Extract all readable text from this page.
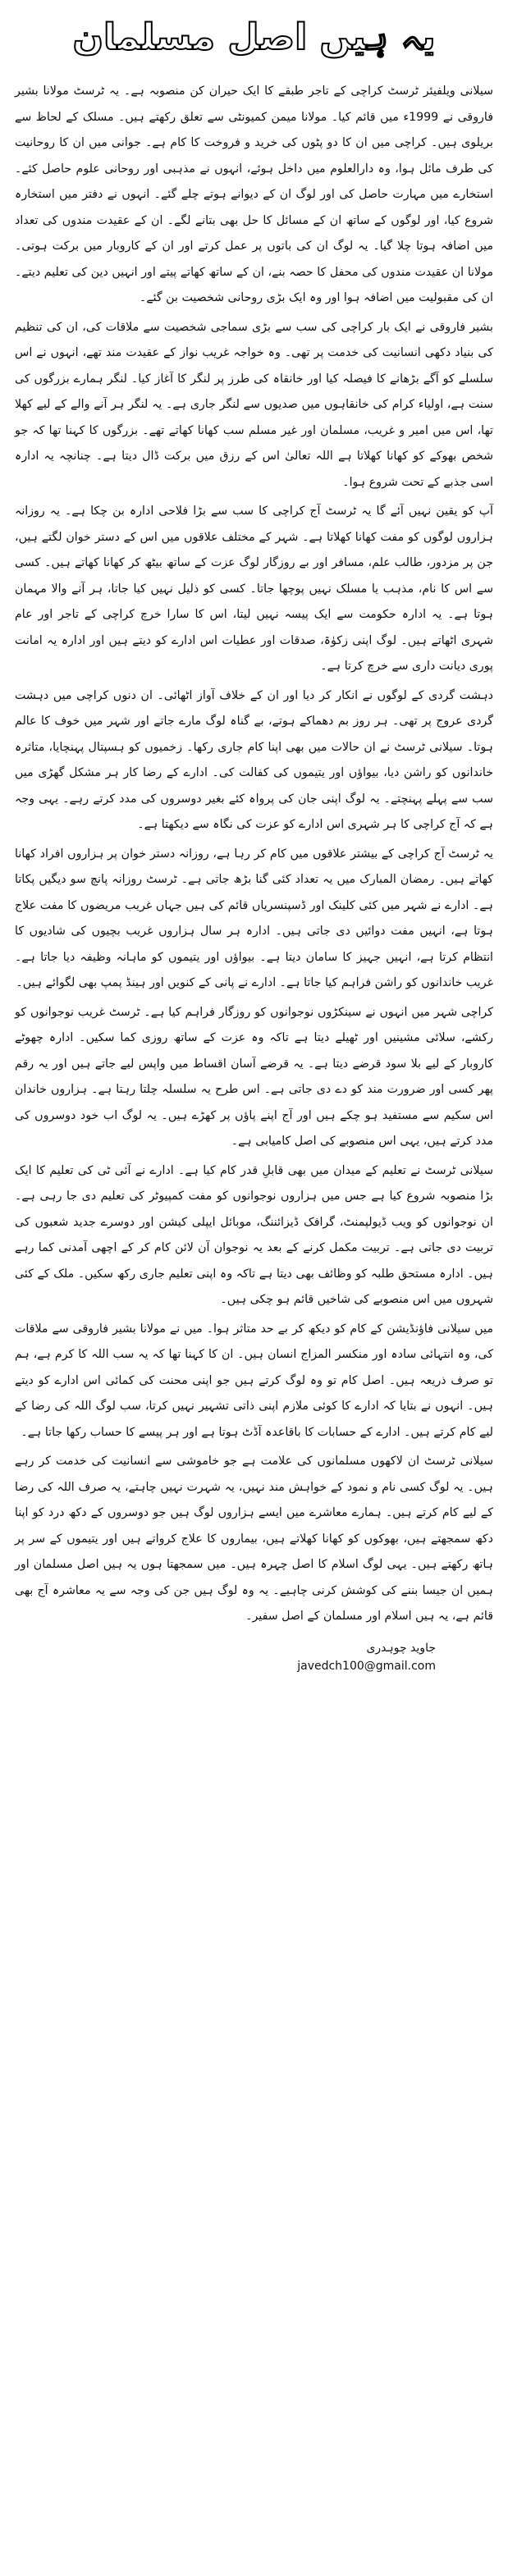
یہ ہیں اصل مسلمان

سیلانی ویلفیئر ٹرسٹ کراچی کے تاجر طبقے کا ایک حیران کن منصوبہ ہے۔ یہ ٹرسٹ مولانا بشیر فاروقی نے 1999ء میں قائم کیا۔ مولانا میمن کمیونٹی سے تعلق رکھتے ہیں۔ مسلک کے لحاظ سے بریلوی ہیں۔ کراچی میں ان کا دو پٹوں کی خرید و فروخت کا کام ہے۔ جوانی میں ان کا روحانیت کی طرف مائل ہوا، وہ دارالعلوم میں داخل ہوئے، انہوں نے مذہبی اور روحانی علوم حاصل کئے۔ استخارے میں مہارت حاصل کی اور لوگ ان کے دیوانے ہوتے چلے گئے۔ انہوں نے دفتر میں استخارہ شروع کیا، اور لوگوں کے ساتھ ان کے مسائل کا حل بھی بتانے لگے۔ ان کے عقیدت مندوں کی تعداد میں اضافہ ہوتا چلا گیا۔ یہ لوگ ان کی باتوں پر عمل کرتے اور ان کے کاروبار میں برکت ہوتی۔ مولانا ان عقیدت مندوں کی محفل کا حصہ بنے، ان کے ساتھ کھاتے پیتے اور انہیں دین کی تعلیم دیتے۔ ان کی مقبولیت میں اضافہ ہوا اور وہ ایک بڑی روحانی شخصیت بن گئے۔

بشیر فاروقی نے ایک بار کراچی کی سب سے بڑی سماجی شخصیت سے ملاقات کی، ان کی تنظیم کی بنیاد دکھی انسانیت کی خدمت پر تھی۔ وہ خواجہ غریب نواز کے عقیدت مند تھے، انہوں نے اس سلسلے کو آگے بڑھانے کا فیصلہ کیا اور خانقاہ کی طرز پر لنگر کا آغاز کیا۔ لنگر ہمارے بزرگوں کی سنت ہے، اولیاء کرام کی خانقاہوں میں صدیوں سے لنگر جاری ہے۔ یہ لنگر ہر آنے والے کے لیے کھلا تھا، اس میں امیر و غریب، مسلمان اور غیر مسلم سب کھانا کھاتے تھے۔ بزرگوں کا کہنا تھا کہ جو شخص بھوکے کو کھانا کھلاتا ہے اللہ تعالیٰ اس کے رزق میں برکت ڈال دیتا ہے۔ چنانچہ یہ ادارہ اسی جذبے کے تحت شروع ہوا۔

آپ کو یقین نہیں آئے گا یہ ٹرسٹ آج کراچی کا سب سے بڑا فلاحی ادارہ بن چکا ہے۔ یہ روزانہ ہزاروں لوگوں کو مفت کھانا کھلاتا ہے۔ شہر کے مختلف علاقوں میں اس کے دستر خوان لگتے ہیں، جن پر مزدور، طالب علم، مسافر اور بے روزگار لوگ عزت کے ساتھ بیٹھ کر کھانا کھاتے ہیں۔ کسی سے اس کا نام، مذہب یا مسلک نہیں پوچھا جاتا۔ کسی کو ذلیل نہیں کیا جاتا، ہر آنے والا مہمان ہوتا ہے۔ یہ ادارہ حکومت سے ایک پیسہ نہیں لیتا، اس کا سارا خرچ کراچی کے تاجر اور عام شہری اٹھاتے ہیں۔ لوگ اپنی زکوٰۃ، صدقات اور عطیات اس ادارے کو دیتے ہیں اور ادارہ یہ امانت پوری دیانت داری سے خرچ کرتا ہے۔

دہشت گردی کے لوگوں نے انکار کر دیا اور ان کے خلاف آواز اٹھائی۔ ان دنوں کراچی میں دہشت گردی عروج پر تھی۔ ہر روز بم دھماکے ہوتے، بے گناہ لوگ مارے جاتے اور شہر میں خوف کا عالم ہوتا۔ سیلانی ٹرسٹ نے ان حالات میں بھی اپنا کام جاری رکھا۔ زخمیوں کو ہسپتال پہنچایا، متاثرہ خاندانوں کو راشن دیا، بیواؤں اور یتیموں کی کفالت کی۔ ادارے کے رضا کار ہر مشکل گھڑی میں سب سے پہلے پہنچتے۔ یہ لوگ اپنی جان کی پرواہ کئے بغیر دوسروں کی مدد کرتے رہے۔ یہی وجہ ہے کہ آج کراچی کا ہر شہری اس ادارے کو عزت کی نگاہ سے دیکھتا ہے۔

یہ ٹرسٹ آج کراچی کے بیشتر علاقوں میں کام کر رہا ہے، روزانہ دستر خوان پر ہزاروں افراد کھانا کھاتے ہیں۔ رمضان المبارک میں یہ تعداد کئی گنا بڑھ جاتی ہے۔ ٹرسٹ روزانہ پانچ سو دیگیں پکاتا ہے۔ ادارے نے شہر میں کئی کلینک اور ڈسپنسریاں قائم کی ہیں جہاں غریب مریضوں کا مفت علاج ہوتا ہے، انہیں مفت دوائیں دی جاتی ہیں۔ ادارہ ہر سال ہزاروں غریب بچیوں کی شادیوں کا انتظام کرتا ہے، انہیں جہیز کا سامان دیتا ہے۔ بیواؤں اور یتیموں کو ماہانہ وظیفہ دیا جاتا ہے۔ غریب خاندانوں کو راشن فراہم کیا جاتا ہے۔ ادارے نے پانی کے کنویں اور ہینڈ پمپ بھی لگوائے ہیں۔

کراچی شہر میں انہوں نے سینکڑوں نوجوانوں کو روزگار فراہم کیا ہے۔ ٹرسٹ غریب نوجوانوں کو رکشے، سلائی مشینیں اور ٹھیلے دیتا ہے تاکہ وہ عزت کے ساتھ روزی کما سکیں۔ ادارہ چھوٹے کاروبار کے لیے بلا سود قرضے دیتا ہے۔ یہ قرضے آسان اقساط میں واپس لیے جاتے ہیں اور یہ رقم پھر کسی اور ضرورت مند کو دے دی جاتی ہے۔ اس طرح یہ سلسلہ چلتا رہتا ہے۔ ہزاروں خاندان اس سکیم سے مستفید ہو چکے ہیں اور آج اپنے پاؤں پر کھڑے ہیں۔ یہ لوگ اب خود دوسروں کی مدد کرتے ہیں، یہی اس منصوبے کی اصل کامیابی ہے۔

سیلانی ٹرسٹ نے تعلیم کے میدان میں بھی قابلِ قدر کام کیا ہے۔ ادارے نے آئی ٹی کی تعلیم کا ایک بڑا منصوبہ شروع کیا ہے جس میں ہزاروں نوجوانوں کو مفت کمپیوٹر کی تعلیم دی جا رہی ہے۔ ان نوجوانوں کو ویب ڈیولپمنٹ، گرافک ڈیزائننگ، موبائل ایپلی کیشن اور دوسرے جدید شعبوں کی تربیت دی جاتی ہے۔ تربیت مکمل کرنے کے بعد یہ نوجوان آن لائن کام کر کے اچھی آمدنی کما رہے ہیں۔ ادارہ مستحق طلبہ کو وظائف بھی دیتا ہے تاکہ وہ اپنی تعلیم جاری رکھ سکیں۔ ملک کے کئی شہروں میں اس منصوبے کی شاخیں قائم ہو چکی ہیں۔

میں سیلانی فاؤنڈیشن کے کام کو دیکھ کر بے حد متاثر ہوا۔ میں نے مولانا بشیر فاروقی سے ملاقات کی، وہ انتہائی سادہ اور منکسر المزاج انسان ہیں۔ ان کا کہنا تھا کہ یہ سب اللہ کا کرم ہے، ہم تو صرف ذریعہ ہیں۔ اصل کام تو وہ لوگ کرتے ہیں جو اپنی محنت کی کمائی اس ادارے کو دیتے ہیں۔ انہوں نے بتایا کہ ادارے کا کوئی ملازم اپنی ذاتی تشہیر نہیں کرتا، سب لوگ اللہ کی رضا کے لیے کام کرتے ہیں۔ ادارے کے حسابات کا باقاعدہ آڈٹ ہوتا ہے اور ہر پیسے کا حساب رکھا جاتا ہے۔

سیلانی ٹرسٹ ان لاکھوں مسلمانوں کی علامت ہے جو خاموشی سے انسانیت کی خدمت کر رہے ہیں۔ یہ لوگ کسی نام و نمود کے خواہش مند نہیں، یہ شہرت نہیں چاہتے، یہ صرف اللہ کی رضا کے لیے کام کرتے ہیں۔ ہمارے معاشرے میں ایسے ہزاروں لوگ ہیں جو دوسروں کے دکھ درد کو اپنا دکھ سمجھتے ہیں، بھوکوں کو کھانا کھلاتے ہیں، بیماروں کا علاج کرواتے ہیں اور یتیموں کے سر پر ہاتھ رکھتے ہیں۔ یہی لوگ اسلام کا اصل چہرہ ہیں۔ میں سمجھتا ہوں یہ ہیں اصل مسلمان اور ہمیں ان جیسا بننے کی کوشش کرنی چاہیے۔ یہ وہ لوگ ہیں جن کی وجہ سے یہ معاشرہ آج بھی قائم ہے، یہ ہیں اسلام اور مسلمان کے اصل سفیر۔

جاوید چوہدری
javedch100@gmail.com
